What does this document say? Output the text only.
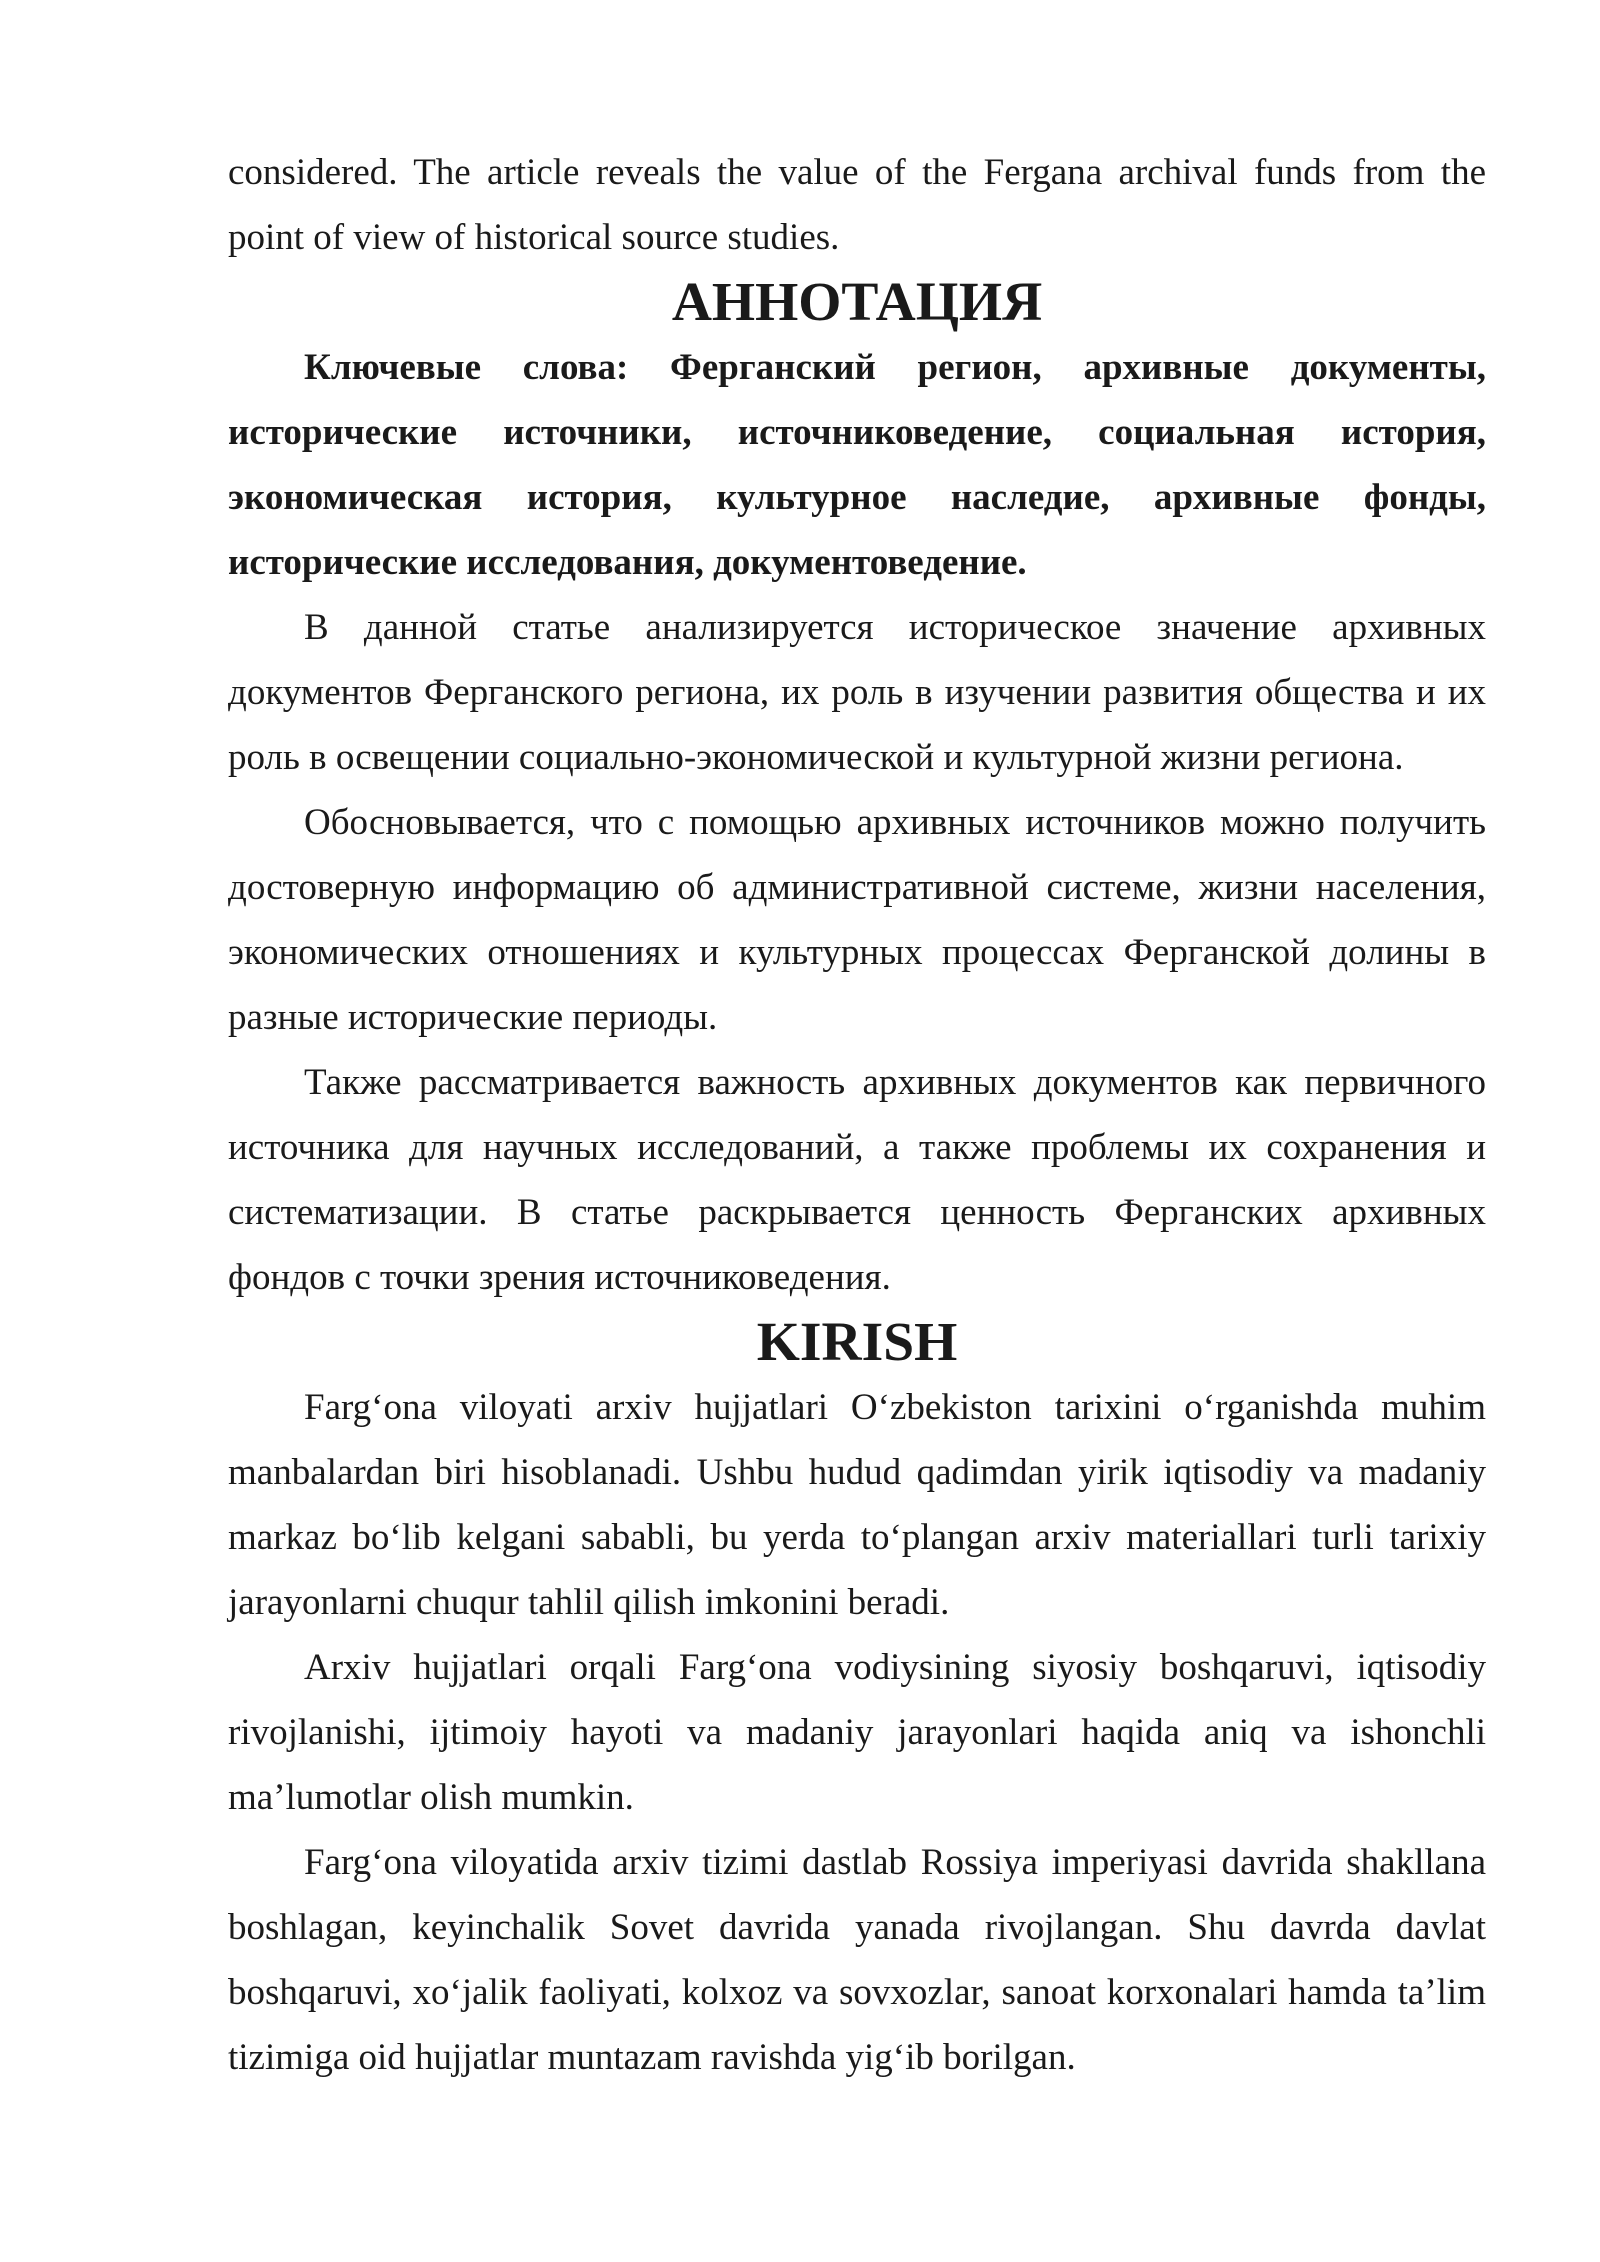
considered. The article reveals the value of the Fergana archival funds from the point of view of historical source studies.

АННОТАЦИЯ

Ключевые слова: Ферганский регион, архивные документы, исторические источники, источниковедение, социальная история, экономическая история, культурное наследие, архивные фонды, исторические исследования, документоведение.

В данной статье анализируется историческое значение архивных документов Ферганского региона, их роль в изучении развития общества и их роль в освещении социально-экономической и культурной жизни региона.

Обосновывается, что с помощью архивных источников можно получить достоверную информацию об административной системе, жизни населения, экономических отношениях и культурных процессах Ферганской долины в разные исторические периоды.

Также рассматривается важность архивных документов как первичного источника для научных исследований, а также проблемы их сохранения и систематизации. В статье раскрывается ценность Ферганских архивных фондов с точки зрения источниковедения.

KIRISH

Farg‘ona viloyati arxiv hujjatlari O‘zbekiston tarixini o‘rganishda muhim manbalardan biri hisoblanadi. Ushbu hudud qadimdan yirik iqtisodiy va madaniy markaz bo‘lib kelgani sababli, bu yerda to‘plangan arxiv materiallari turli tarixiy jarayonlarni chuqur tahlil qilish imkonini beradi.

Arxiv hujjatlari orqali Farg‘ona vodiysining siyosiy boshqaruvi, iqtisodiy rivojlanishi, ijtimoiy hayoti va madaniy jarayonlari haqida aniq va ishonchli ma’lumotlar olish mumkin.

Farg‘ona viloyatida arxiv tizimi dastlab Rossiya imperiyasi davrida shakllana boshlagan, keyinchalik Sovet davrida yanada rivojlangan. Shu davrda davlat boshqaruvi, xo‘jalik faoliyati, kolxoz va sovxozlar, sanoat korxonalari hamda ta’lim tizimiga oid hujjatlar muntazam ravishda yig‘ib borilgan.
